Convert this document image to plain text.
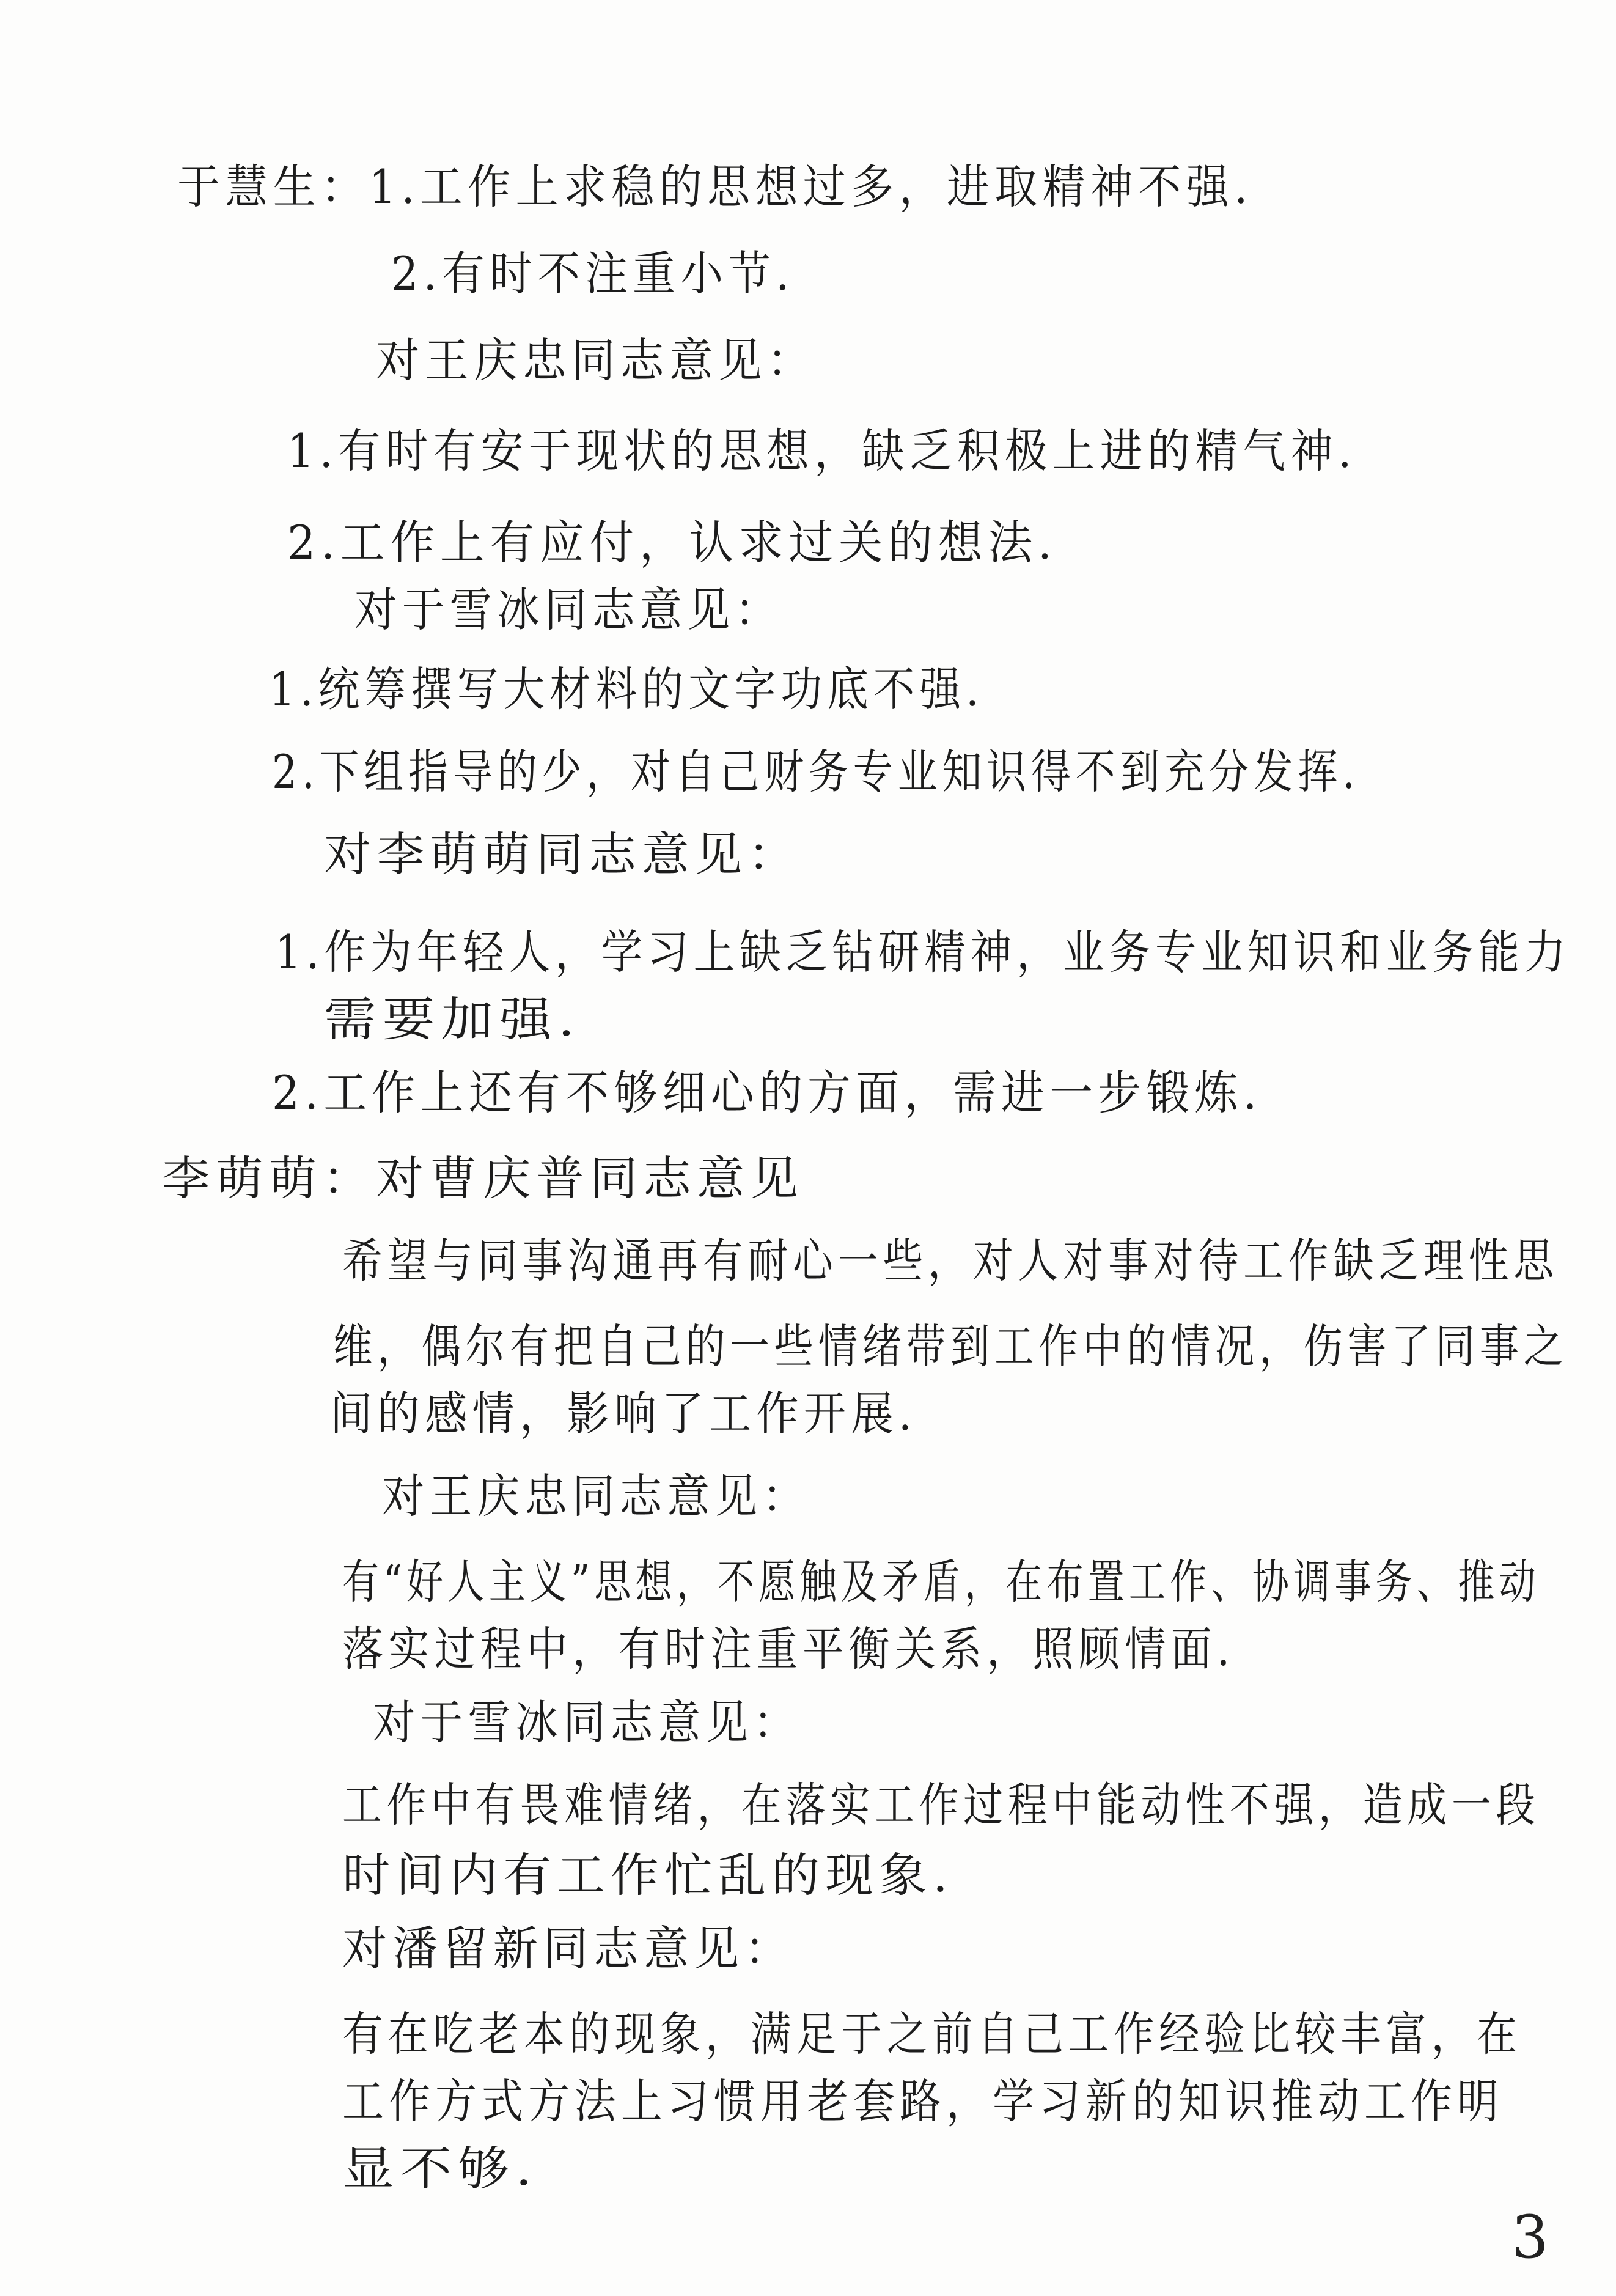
于慧生：1.工作上求稳的思想过多，进取精神不强.
2.有时不注重小节.
对王庆忠同志意见：
1.有时有安于现状的思想，缺乏积极上进的精气神.
2.工作上有应付，认求过关的想法.
对于雪冰同志意见：
1.统筹撰写大材料的文字功底不强.
2.下组指导的少，对自己财务专业知识得不到充分发挥.
对李萌萌同志意见：
1.作为年轻人，学习上缺乏钻研精神，业务专业知识和业务能力
需要加强.
2.工作上还有不够细心的方面，需进一步锻炼.
李萌萌：对曹庆普同志意见
希望与同事沟通再有耐心一些，对人对事对待工作缺乏理性思
维，偶尔有把自己的一些情绪带到工作中的情况，伤害了同事之
间的感情，影响了工作开展.
对王庆忠同志意见：
有“好人主义”思想，不愿触及矛盾，在布置工作、协调事务、推动
落实过程中，有时注重平衡关系，照顾情面.
对于雪冰同志意见：
工作中有畏难情绪，在落实工作过程中能动性不强，造成一段
时间内有工作忙乱的现象.
对潘留新同志意见：
有在吃老本的现象，满足于之前自己工作经验比较丰富，在
工作方式方法上习惯用老套路，学习新的知识推动工作明
显不够.
3
